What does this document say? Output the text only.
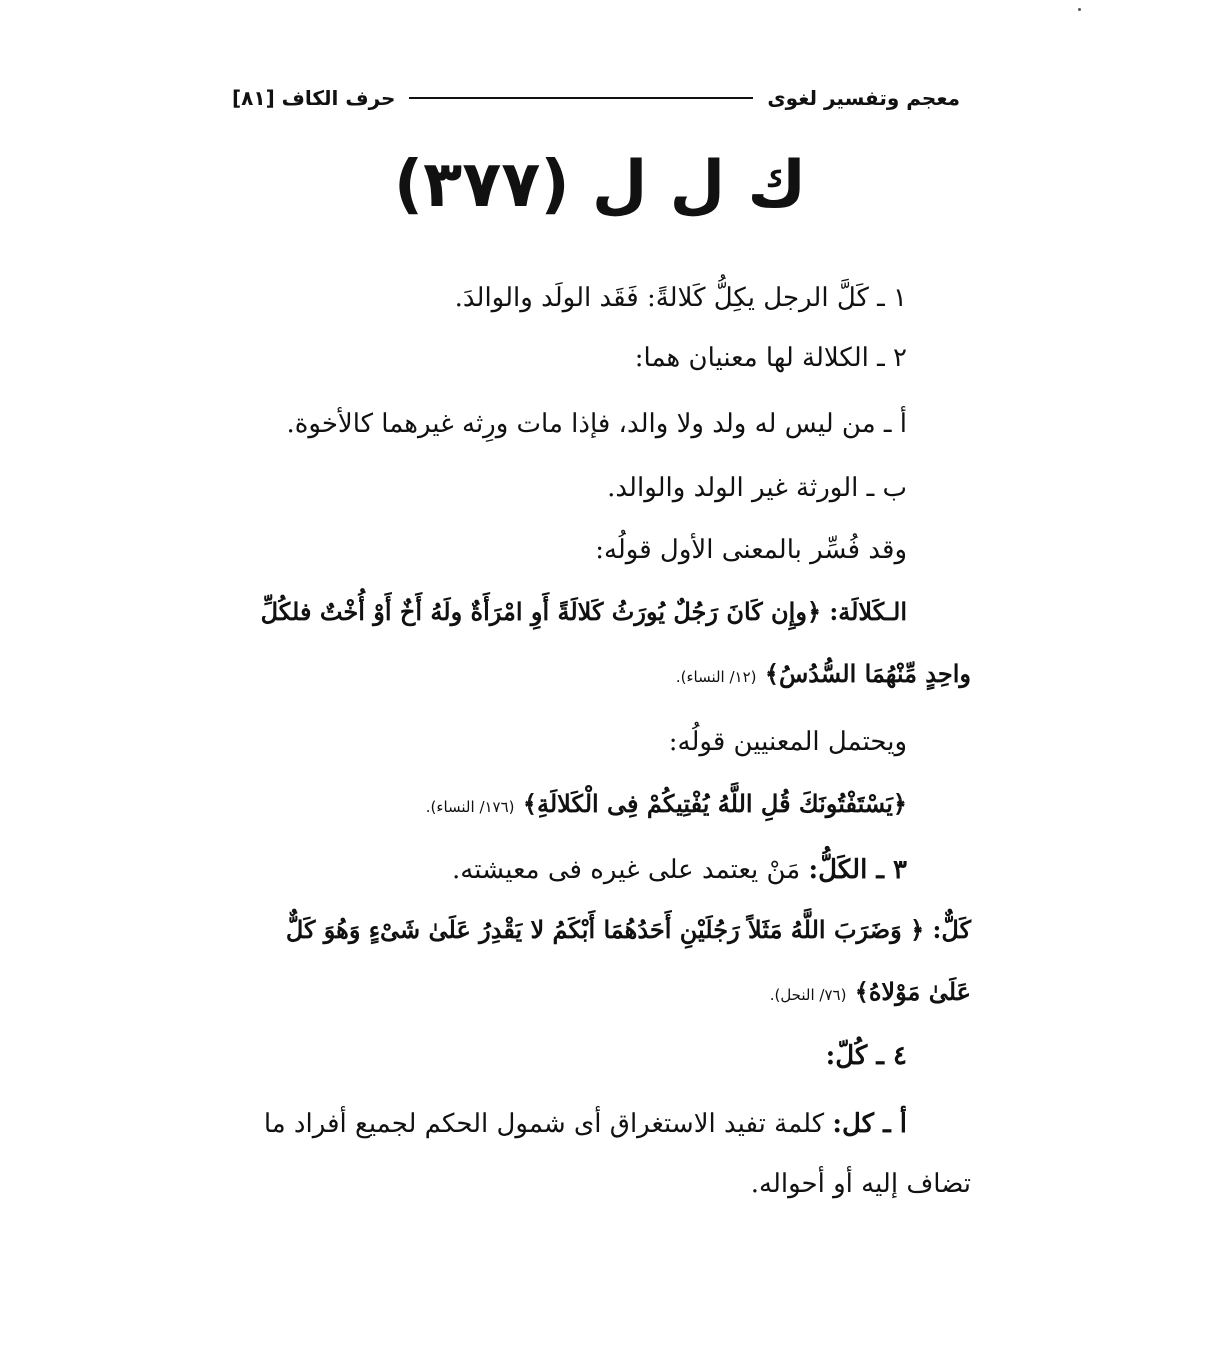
معجم وتفسير لغوى
حرف الكاف [٨١]
ك ل ل (٣٧٧)
١ ـ كَلَّ الرجل يكِلُّ كَلالةً: فَقَد الولَد والوالدَ.
٢ ـ الكلالة لها معنيان هما:
أ ـ من ليس له ولد ولا والد، فإذا مات ورِثه غيرهما كالأخوة.
ب ـ الورثة غير الولد والوالد.
وقد فُسِّر بالمعنى الأول قولُه:
الـكَلالَة: ﴿وإِن كَانَ رَجُلٌ يُورَثُ كَلالَةً أَوِ امْرَأَةٌ ولَهُ أَخٌ أَوْ أُخْتٌ فلكُلِّ
واحِدٍ مِّنْهُمَا السُّدُسُ﴾ (١٢/ النساء).
ويحتمل المعنيين قولُه:
﴿يَسْتَفْتُونَكَ قُلِ اللَّهُ يُفْتِيكُمْ فِى الْكَلالَةِ﴾ (١٧٦/ النساء).
٣ ـ الكَلُّ: مَنْ يعتمد على غيره فى معيشته.
كَلٌّ: ﴿ وَضَرَبَ اللَّهُ مَثَلاً رَجُلَيْنِ أَحَدُهُمَا أَبْكَمُ لا يَقْدِرُ عَلَىٰ شَىْءٍ وَهُوَ كَلٌّ
عَلَىٰ مَوْلاهُ﴾ (٧٦/ النحل).
٤ ـ كُلّ:
أ ـ كل: كلمة تفيد الاستغراق أى شمول الحكم لجميع أفراد ما
تضاف إليه أو أحواله.
